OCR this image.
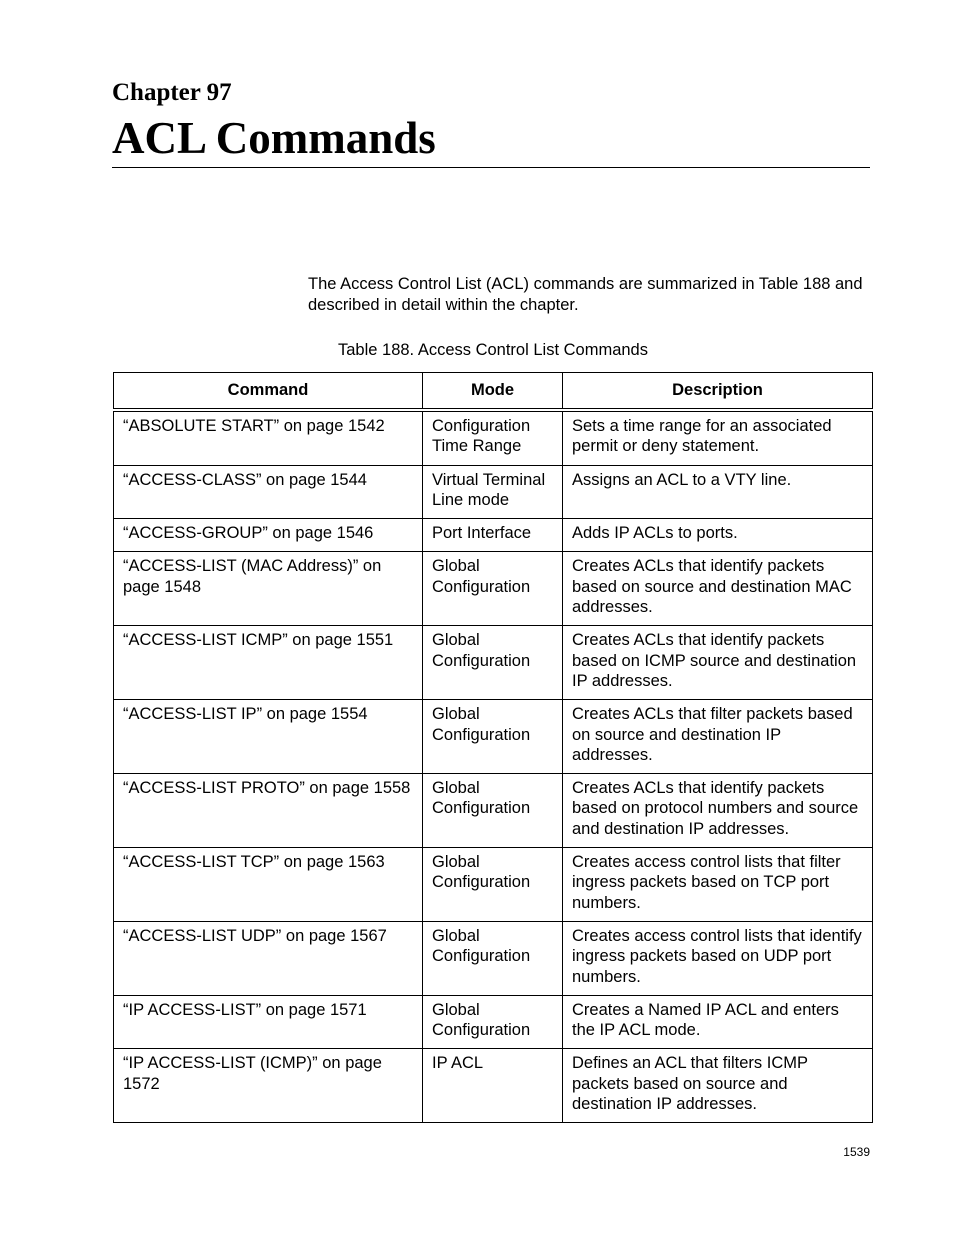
Chapter 97
ACL Commands

The Access Control List (ACL) commands are summarized in Table 188 and described in detail within the chapter.

Table 188. Access Control List Commands

Command	Mode	Description
“ABSOLUTE START” on page 1542	Configuration Time Range	Sets a time range for an associated permit or deny statement.
“ACCESS-CLASS” on page 1544	Virtual Terminal Line mode	Assigns an ACL to a VTY line.
“ACCESS-GROUP” on page 1546	Port Interface	Adds IP ACLs to ports.
“ACCESS-LIST (MAC Address)” on page 1548	Global Configuration	Creates ACLs that identify packets based on source and destination MAC addresses.
“ACCESS-LIST ICMP” on page 1551	Global Configuration	Creates ACLs that identify packets based on ICMP source and destination IP addresses.
“ACCESS-LIST IP” on page 1554	Global Configuration	Creates ACLs that filter packets based on source and destination IP addresses.
“ACCESS-LIST PROTO” on page 1558	Global Configuration	Creates ACLs that identify packets based on protocol numbers and source and destination IP addresses.
“ACCESS-LIST TCP” on page 1563	Global Configuration	Creates access control lists that filter ingress packets based on TCP port numbers.
“ACCESS-LIST UDP” on page 1567	Global Configuration	Creates access control lists that identify ingress packets based on UDP port numbers.
“IP ACCESS-LIST” on page 1571	Global Configuration	Creates a Named IP ACL and enters the IP ACL mode.
“IP ACCESS-LIST (ICMP)” on page 1572	IP ACL	Defines an ACL that filters ICMP packets based on source and destination IP addresses.

1539
